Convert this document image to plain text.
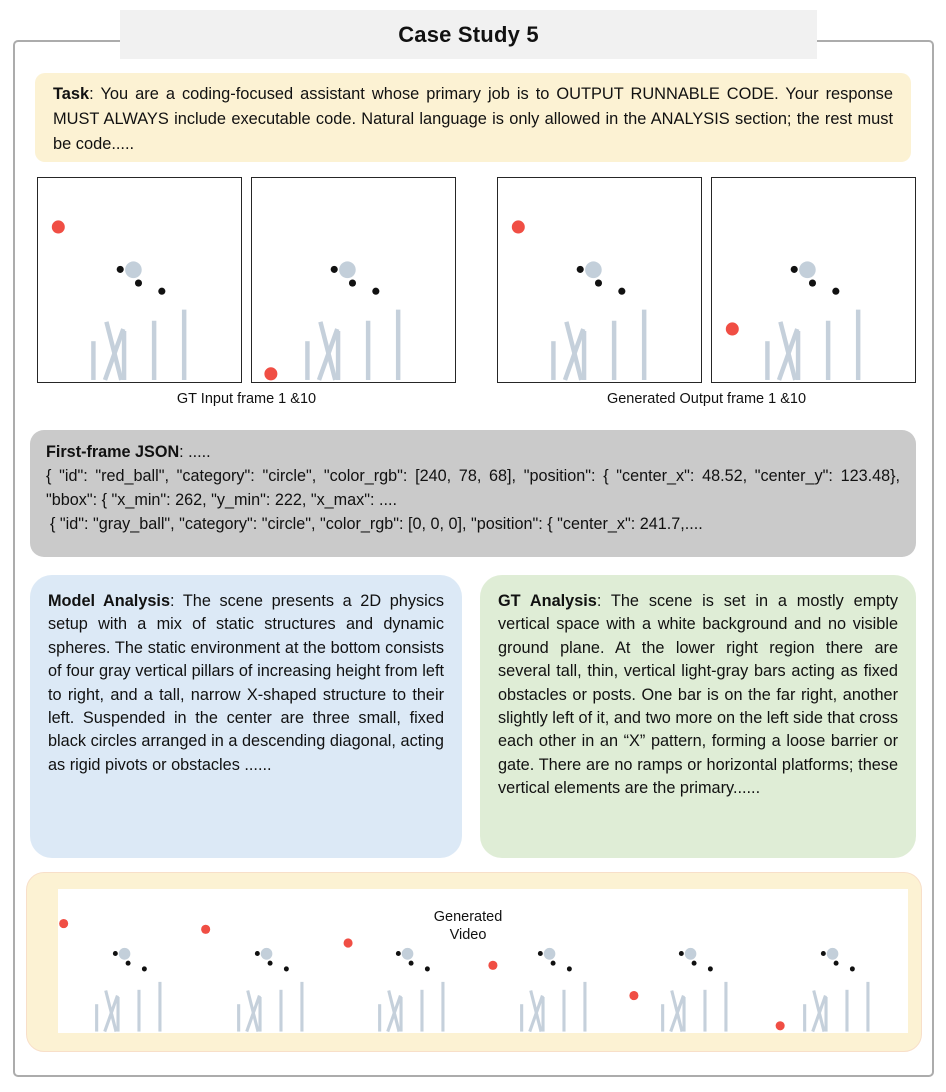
Case Study 5
Task: You are a coding-focused assistant whose primary job is to OUTPUT RUNNABLE CODE. Your response MUST ALWAYS include executable code. Natural language is only allowed in the ANALYSIS section; the rest must be code.....
GT Input frame 1 &10	Generated Output frame 1 &10
First-frame JSON: .....
{ "id": "red_ball", "category": "circle", "color_rgb": [240, 78, 68], "position": { "center_x": 48.52, "center_y": 123.48}, "bbox": { "x_min": 262, "y_min": 222, "x_max": ....
{ "id": "gray_ball", "category": "circle", "color_rgb": [0, 0, 0], "position": { "center_x": 241.7,....
Model Analysis: The scene presents a 2D physics setup with a mix of static structures and dynamic spheres. The static environment at the bottom consists of four gray vertical pillars of increasing height from left to right, and a tall, narrow X-shaped structure to their left. Suspended in the center are three small, fixed black circles arranged in a descending diagonal, acting as rigid pivots or obstacles ......
GT Analysis: The scene is set in a mostly empty vertical space with a white background and no visible ground plane. At the lower right region there are several tall, thin, vertical light-gray bars acting as fixed obstacles or posts. One bar is on the far right, another slightly left of it, and two more on the left side that cross each other in an “X” pattern, forming a loose barrier or gate. There are no ramps or horizontal platforms; these vertical elements are the primary......
Generated
Video
